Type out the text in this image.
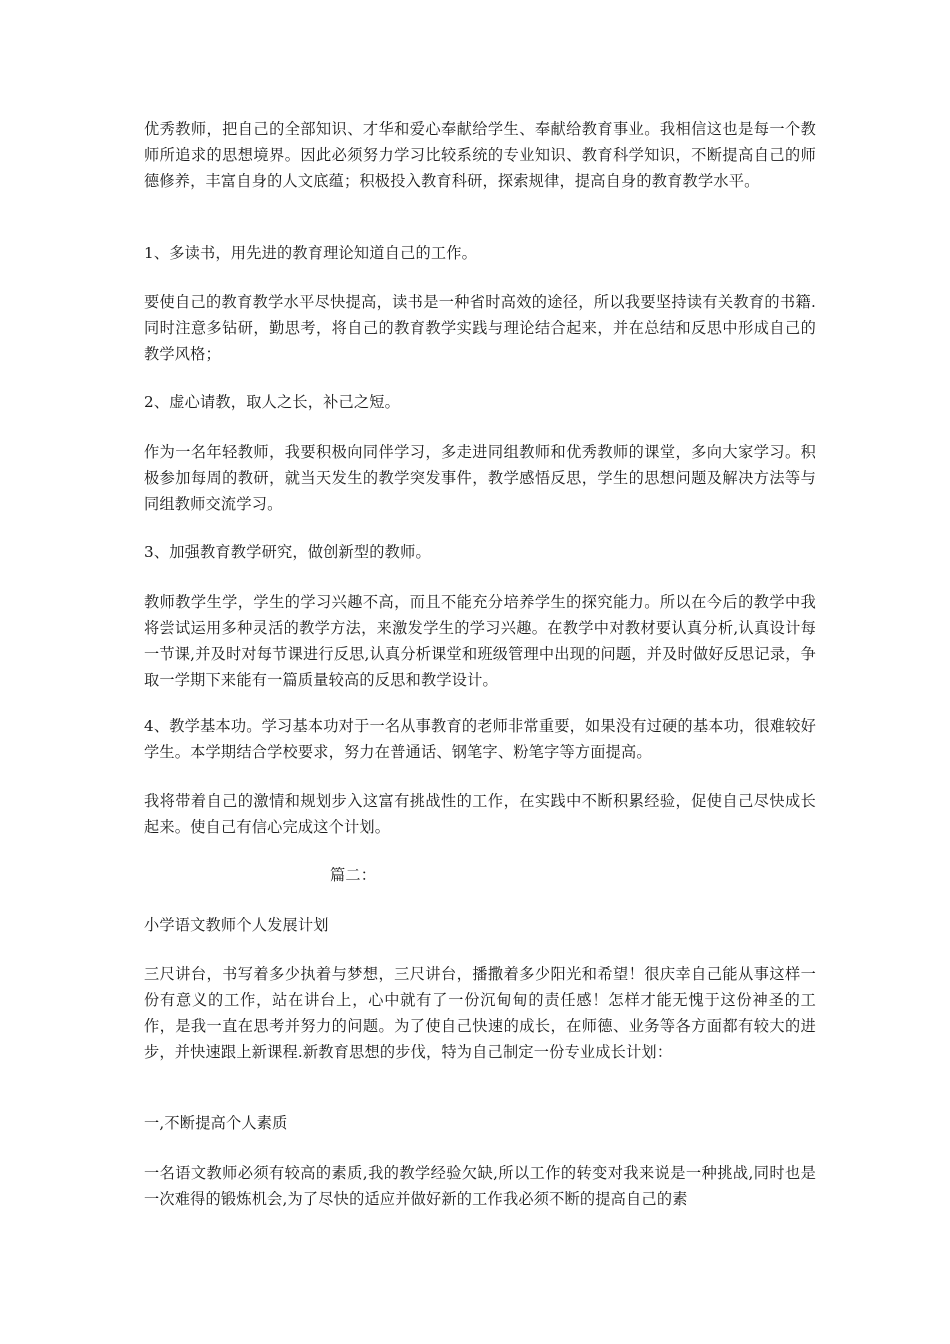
优秀教师，把自己的全部知识、才华和爱心奉献给学生、奉献给教育事业。我相信这也是每一个教师所追求的思想境界。因此必须努力学习比较系统的专业知识、教育科学知识，不断提高自己的师德修养，丰富自身的人文底蕴；积极投入教育科研，探索规律，提高自身的教育教学水平。

1、多读书，用先进的教育理论知道自己的工作。

要使自己的教育教学水平尽快提高，读书是一种省时高效的途径，所以我要坚持读有关教育的书籍.同时注意多钻研，勤思考，将自己的教育教学实践与理论结合起来，并在总结和反思中形成自己的教学风格；

2、虚心请教，取人之长，补己之短。

作为一名年轻教师，我要积极向同伴学习，多走进同组教师和优秀教师的课堂，多向大家学习。积极参加每周的教研，就当天发生的教学突发事件，教学感悟反思，学生的思想问题及解决方法等与同组教师交流学习。

3、加强教育教学研究，做创新型的教师。

教师教学生学，学生的学习兴趣不高，而且不能充分培养学生的探究能力。所以在今后的教学中我将尝试运用多种灵活的教学方法，来激发学生的学习兴趣。在教学中对教材要认真分析,认真设计每一节课,并及时对每节课进行反思,认真分析课堂和班级管理中出现的问题，并及时做好反思记录，争取一学期下来能有一篇质量较高的反思和教学设计。

4、教学基本功。学习基本功对于一名从事教育的老师非常重要，如果没有过硬的基本功，很难较好学生。本学期结合学校要求，努力在普通话、钢笔字、粉笔字等方面提高。

我将带着自己的激情和规划步入这富有挑战性的工作，在实践中不断积累经验，促使自己尽快成长起来。使自己有信心完成这个计划。

篇二：

小学语文教师个人发展计划

三尺讲台，书写着多少执着与梦想，三尺讲台，播撒着多少阳光和希望！很庆幸自己能从事这样一份有意义的工作，站在讲台上，心中就有了一份沉甸甸的责任感！怎样才能无愧于这份神圣的工作，是我一直在思考并努力的问题。为了使自己快速的成长，在师德、业务等各方面都有较大的进步，并快速跟上新课程.新教育思想的步伐，特为自己制定一份专业成长计划：

一,不断提高个人素质

一名语文教师必须有较高的素质,我的教学经验欠缺,所以工作的转变对我来说是一种挑战,同时也是一次难得的锻炼机会,为了尽快的适应并做好新的工作我必须不断的提高自己的素
